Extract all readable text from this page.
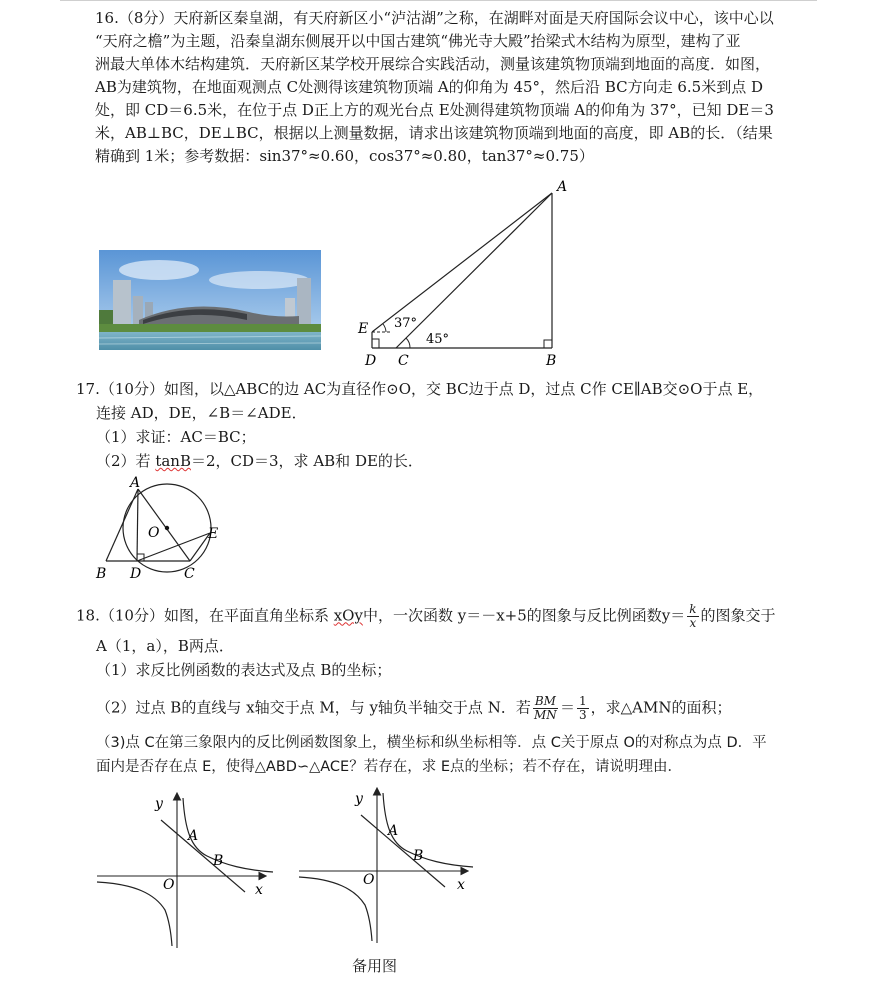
16.（8分）天府新区秦皇湖，有天府新区小“泸沽湖”之称，在湖畔对面是天府国际会议中心，该中心以
“天府之檐”为主题，沿秦皇湖东侧展开以中国古建筑“佛光寺大殿”抬梁式木结构为原型，建构了亚
洲最大单体木结构建筑．天府新区某学校开展综合实践活动，测量该建筑物顶端到地面的高度．如图，
AB为建筑物，在地面观测点 C处测得该建筑物顶端 A的仰角为 45°，然后沿 BC方向走 6.5米到点 D
处，即 CD＝6.5米，在位于点 D正上方的观光台点 E处测得建筑物顶端 A的仰角为 37°，已知 DE＝3
米，AB⊥BC，DE⊥BC，根据以上测量数据，请求出该建筑物顶端到地面的高度，即 AB的长．（结果
精确到 1米；参考数据：sin37°≈0.60，cos37°≈0.80，tan37°≈0.75）
A
B
C
D
E 37°
45°
17.（10分）如图，以△ABC的边 AC为直径作⊙O，交 BC边于点 D，过点 C作 CE∥AB交⊙O于点 E，
连接 AD，DE，∠B＝∠ADE．
（1）求证：AC＝BC；
（2）若 tanB＝2，CD＝3，求 AB和 DE的长．
A
B D	C
E
O
18.（10分）如图，在平面直角坐标系 xOy中，一次函数 y＝－x+5的图象与反比例函数$y= \frac{k}{x}$ 的图象交于
A（1，a），B两点．
（1）求反比例函数的表达式及点 B的坐标；
（2）过点 B的直线与 x轴交于点 M，与 y轴负半轴交于点 N．若 $\frac{BM}{MN} = \frac{1}{3}$ ，求△AMN的面积；
（3)点 C在第三象限内的反比例函数图象上，横坐标和纵坐标相等．点 C关于原点 O的对称点为点 D．平
面内是否存在点 E，使得△ABD∽△ACE？若存在，求 E点的坐标；若不存在，请说明理由．
y
x
O
A
B
y
x
O
A
B
备用图
